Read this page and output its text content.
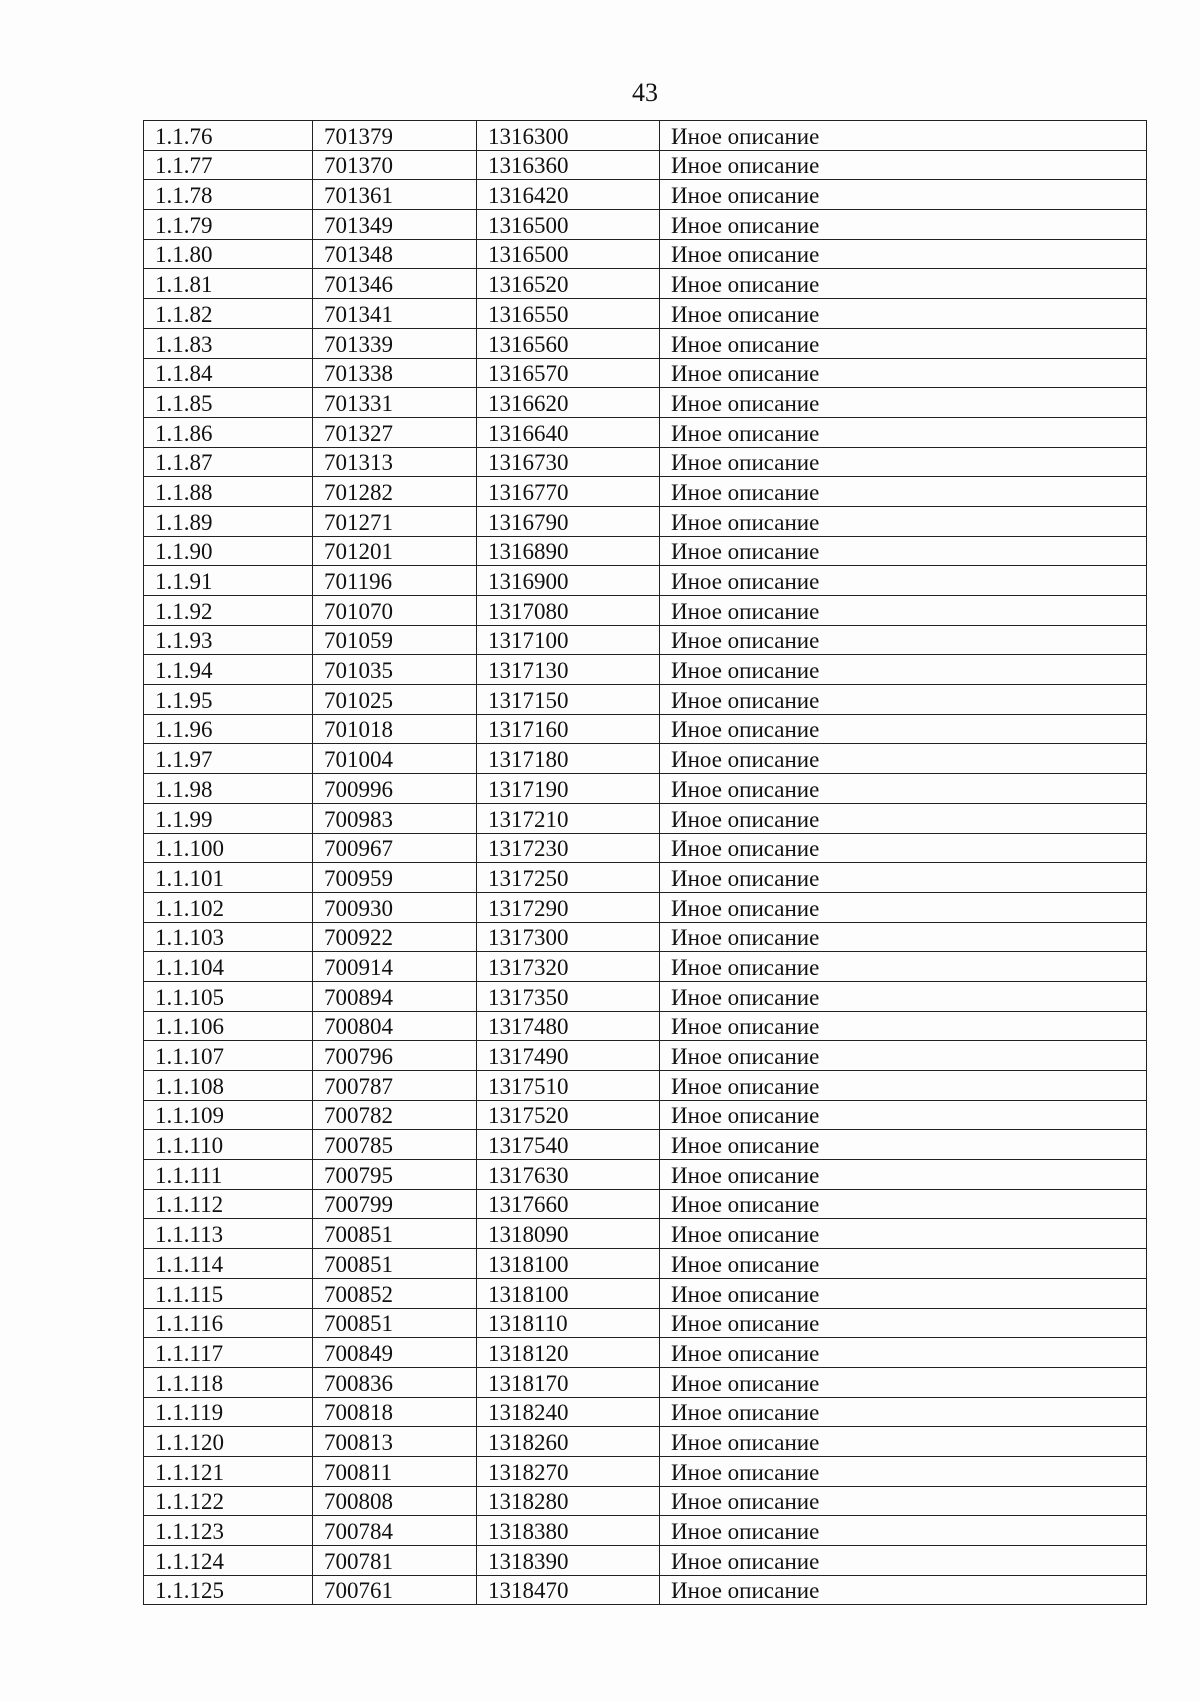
43
1.1.76	701379	1316300	Иное описание
1.1.77	701370	1316360	Иное описание
1.1.78	701361	1316420	Иное описание
1.1.79	701349	1316500	Иное описание
1.1.80	701348	1316500	Иное описание
1.1.81	701346	1316520	Иное описание
1.1.82	701341	1316550	Иное описание
1.1.83	701339	1316560	Иное описание
1.1.84	701338	1316570	Иное описание
1.1.85	701331	1316620	Иное описание
1.1.86	701327	1316640	Иное описание
1.1.87	701313	1316730	Иное описание
1.1.88	701282	1316770	Иное описание
1.1.89	701271	1316790	Иное описание
1.1.90	701201	1316890	Иное описание
1.1.91	701196	1316900	Иное описание
1.1.92	701070	1317080	Иное описание
1.1.93	701059	1317100	Иное описание
1.1.94	701035	1317130	Иное описание
1.1.95	701025	1317150	Иное описание
1.1.96	701018	1317160	Иное описание
1.1.97	701004	1317180	Иное описание
1.1.98	700996	1317190	Иное описание
1.1.99	700983	1317210	Иное описание
1.1.100	700967	1317230	Иное описание
1.1.101	700959	1317250	Иное описание
1.1.102	700930	1317290	Иное описание
1.1.103	700922	1317300	Иное описание
1.1.104	700914	1317320	Иное описание
1.1.105	700894	1317350	Иное описание
1.1.106	700804	1317480	Иное описание
1.1.107	700796	1317490	Иное описание
1.1.108	700787	1317510	Иное описание
1.1.109	700782	1317520	Иное описание
1.1.110	700785	1317540	Иное описание
1.1.111	700795	1317630	Иное описание
1.1.112	700799	1317660	Иное описание
1.1.113	700851	1318090	Иное описание
1.1.114	700851	1318100	Иное описание
1.1.115	700852	1318100	Иное описание
1.1.116	700851	1318110	Иное описание
1.1.117	700849	1318120	Иное описание
1.1.118	700836	1318170	Иное описание
1.1.119	700818	1318240	Иное описание
1.1.120	700813	1318260	Иное описание
1.1.121	700811	1318270	Иное описание
1.1.122	700808	1318280	Иное описание
1.1.123	700784	1318380	Иное описание
1.1.124	700781	1318390	Иное описание
1.1.125	700761	1318470	Иное описание
